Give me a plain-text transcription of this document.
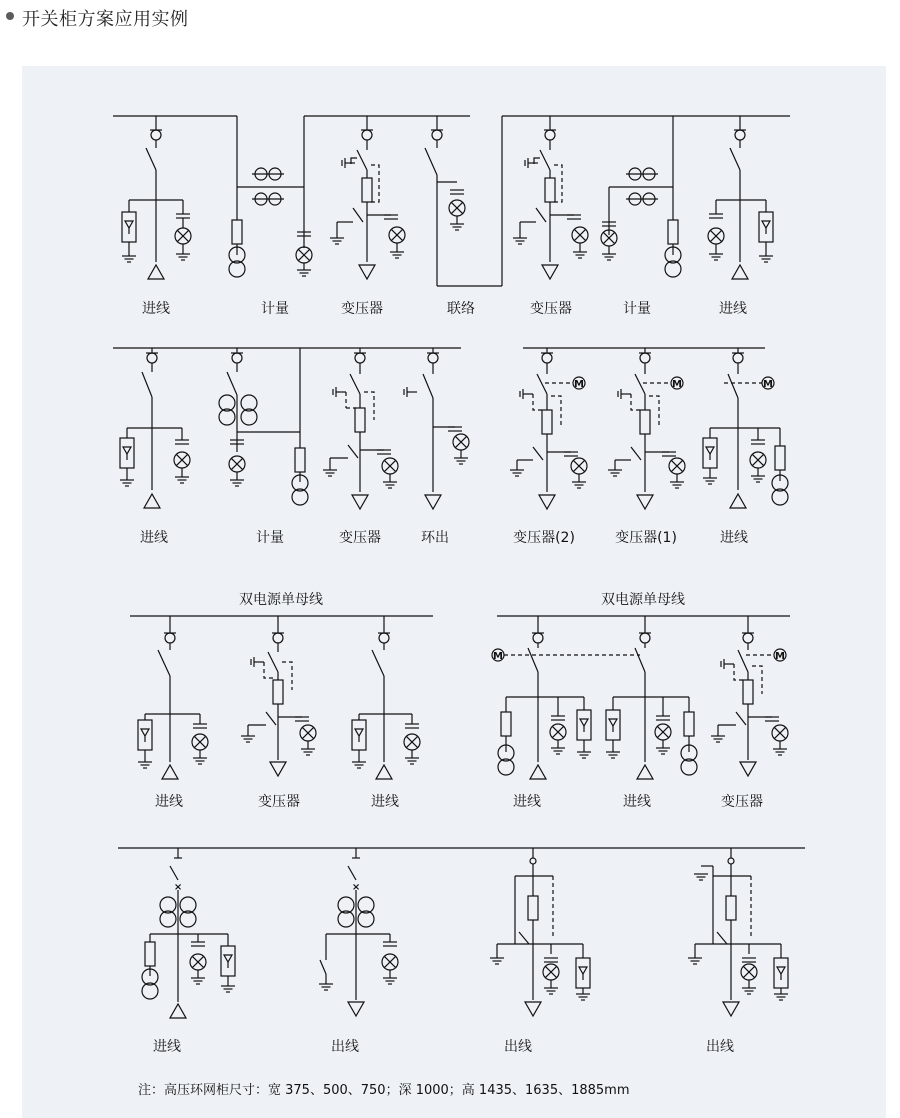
开关柜方案应用实例
进线	计量	变压器	联络	变压器	计量	进线
M	M	M
进线	计量	变压器	环出	变压器(2)	变压器(1)	进线
双电源单母线	双电源单母线
M	M
进线	变压器	进线	进线	进线	变压器
×	×
进线	出线	出线	出线
注：高压环网柜尺寸：宽 375、500、750；深 1000；高 1435、1635、1885mm
